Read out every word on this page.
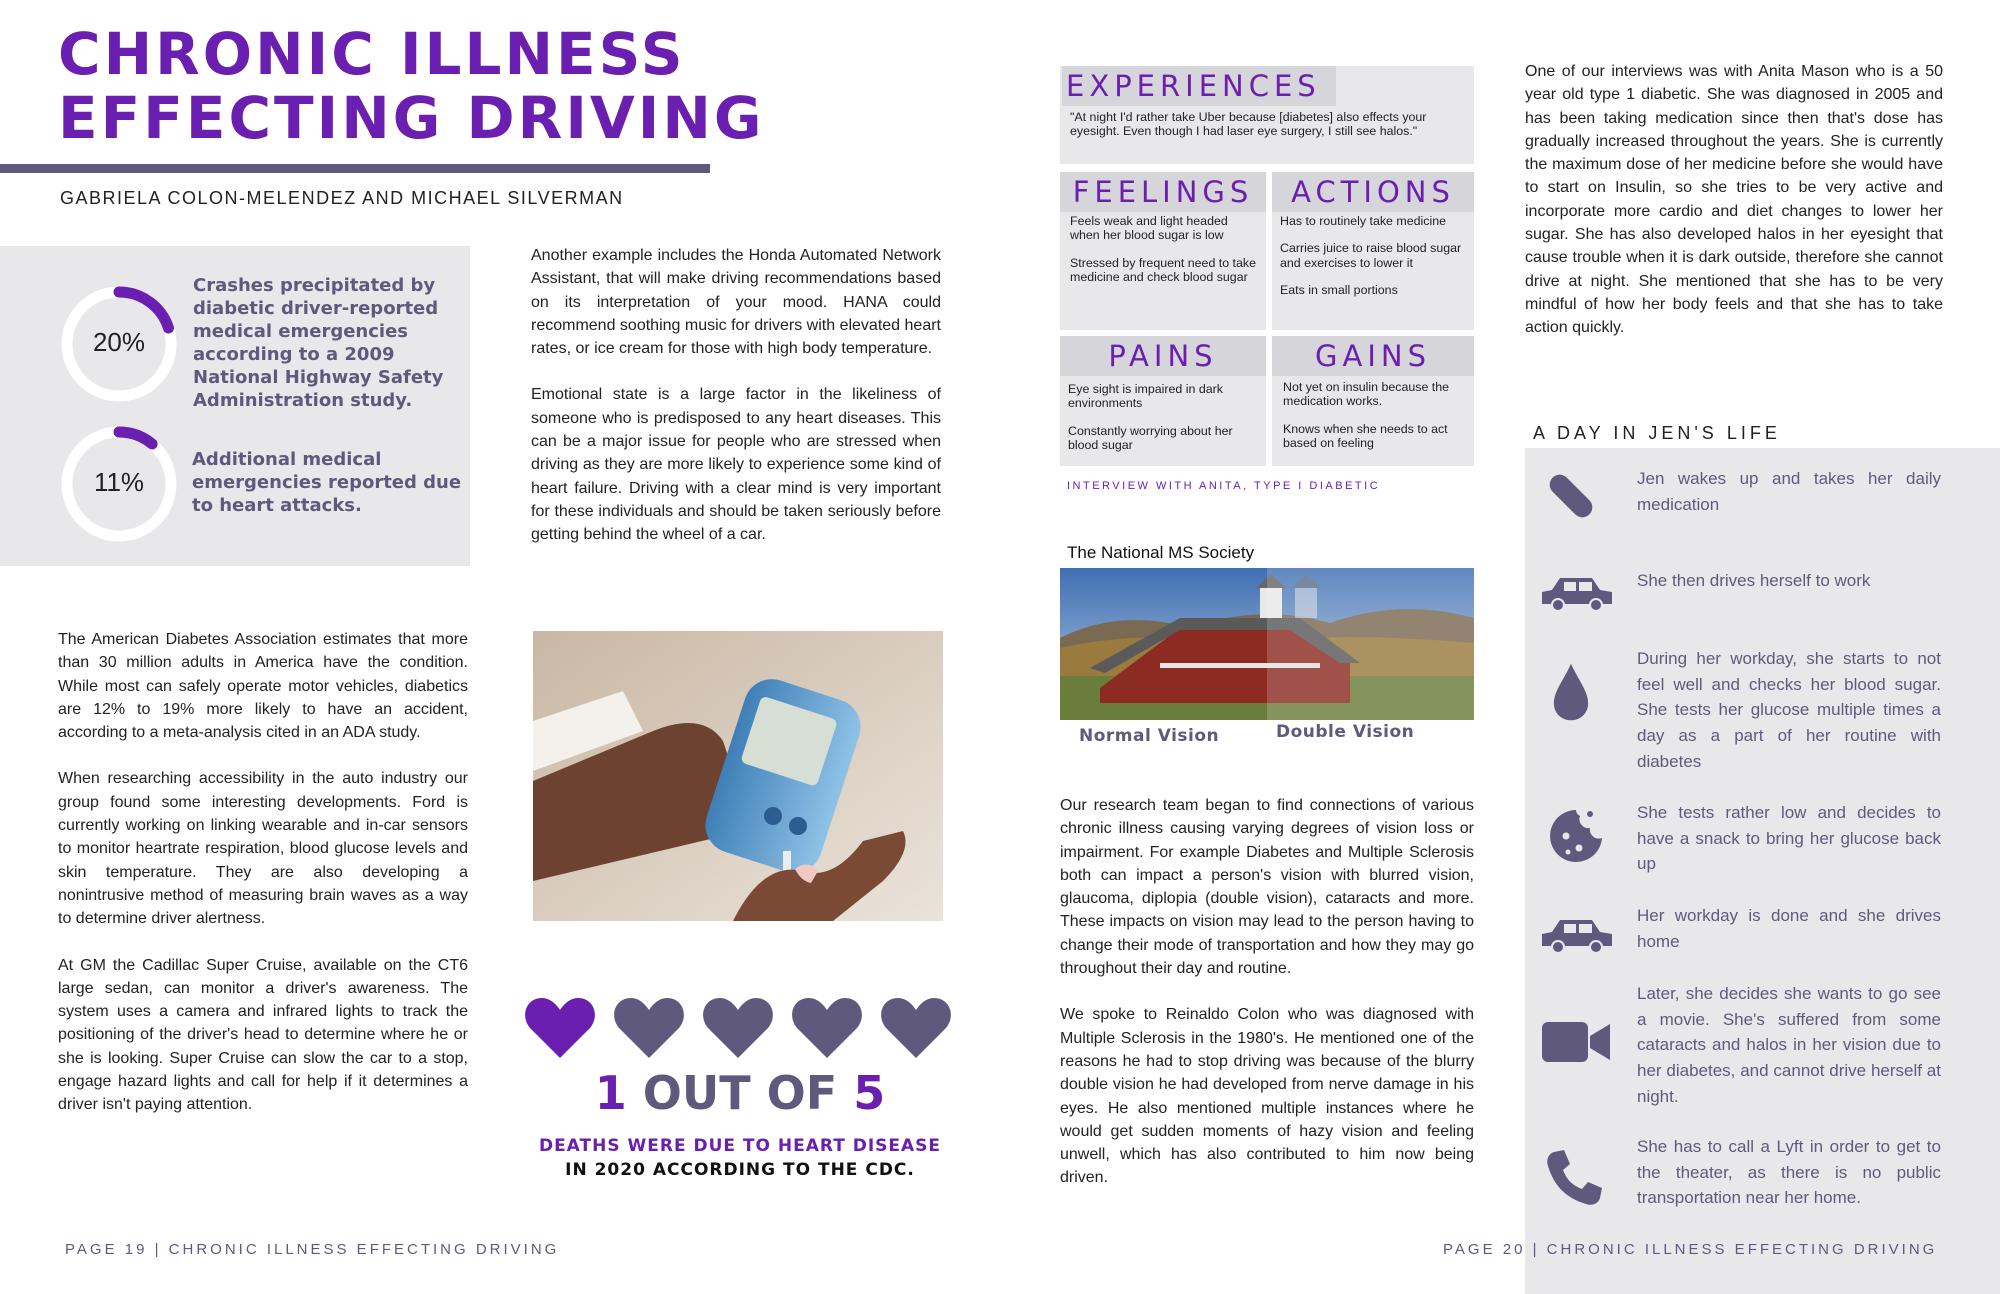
CHRONIC ILLNESS
EFFECTING DRIVING
GABRIELA COLON-MELENDEZ AND MICHAEL SILVERMAN
20%
Crashes precipitated by diabetic driver-reported medical emergencies according to a 2009 National Highway Safety Administration study.
11%
Additional medical emergencies reported due to heart attacks.

The American Diabetes Association estimates that more than 30 million adults in America have the condition. While most can safely operate motor vehicles, diabetics are 12% to 19% more likely to have an accident, according to a meta-analysis cited in an ADA study.

When researching accessibility in the auto industry our group found some interesting developments. Ford is currently working on linking wearable and in-car sensors to monitor heartrate respiration, blood glucose levels and skin temperature. They are also developing a nonintrusive method of measuring brain waves as a way to determine driver alertness.

At GM the Cadillac Super Cruise, available on the CT6 large sedan, can monitor a driver's awareness. The system uses a camera and infrared lights to track the positioning of the driver's head to determine where he or she is looking. Super Cruise can slow the car to a stop, engage hazard lights and call for help if it determines a driver isn't paying attention.

Another example includes the Honda Automated Network Assistant, that will make driving recommendations based on its interpretation of your mood. HANA could recommend soothing music for drivers with elevated heart rates, or ice cream for those with high body temperature.

Emotional state is a large factor in the likeliness of someone who is predisposed to any heart diseases. This can be a major issue for people who are stressed when driving as they are more likely to experience some kind of heart failure. Driving with a clear mind is very important for these individuals and should be taken seriously before getting behind the wheel of a car.

1 OUT OF 5
DEATHS WERE DUE TO HEART DISEASE
IN 2020 ACCORDING TO THE CDC.
PAGE 19 | CHRONIC ILLNESS EFFECTING DRIVING
EXPERIENCES
"At night I'd rather take Uber because [diabetes] also effects your eyesight. Even though I had laser eye surgery, I still see halos."
FEELINGS

Feels weak and light headed when her blood sugar is low

Stressed by frequent need to take medicine and check blood sugar

ACTIONS

Has to routinely take medicine

Carries juice to raise blood sugar and exercises to lower it

Eats in small portions

PAINS

Eye sight is impaired in dark environments

Constantly worrying about her blood sugar

GAINS

Not yet on insulin because the medication works.

Knows when she needs to act based on feeling

INTERVIEW WITH ANITA, TYPE I DIABETIC
The National MS Society
Normal Vision	Double Vision

Our research team began to find connections of various chronic illness causing varying degrees of vision loss or impairment. For example Diabetes and Multiple Sclerosis both can impact a person's vision with blurred vision, glaucoma, diplopia (double vision), cataracts and more. These impacts on vision may lead to the person having to change their mode of transportation and how they may go throughout their day and routine.

We spoke to Reinaldo Colon who was diagnosed with Multiple Sclerosis in the 1980's. He mentioned one of the reasons he had to stop driving was because of the blurry double vision he had developed from nerve damage in his eyes. He also mentioned multiple instances where he would get sudden moments of hazy vision and feeling unwell, which has also contributed to him now being driven.

One of our interviews was with Anita Mason who is a 50 year old type 1 diabetic. She was diagnosed in 2005 and has been taking medication since then that's dose has gradually increased throughout the years. She is currently the maximum dose of her medicine before she would have to start on Insulin, so she tries to be very active and incorporate more cardio and diet changes to lower her sugar. She has also developed halos in her eyesight that cause trouble when it is dark outside, therefore she cannot drive at night. She mentioned that she has to be very mindful of how her body feels and that she has to take action quickly.

A DAY IN JEN'S LIFE
Jen wakes up and takes her daily medication
She then drives herself to work
During her workday, she starts to not feel well and checks her blood sugar. She tests her glucose multiple times a day as a part of her routine with diabetes
She tests rather low and decides to have a snack to bring her glucose back up
Her workday is done and she drives home
Later, she decides she wants to go see a movie. She's suffered from some cataracts and halos in her vision due to her diabetes, and cannot drive herself at night.
She has to call a Lyft in order to get to the theater, as there is no public transportation near her home.
PAGE 20 | CHRONIC ILLNESS EFFECTING DRIVING
